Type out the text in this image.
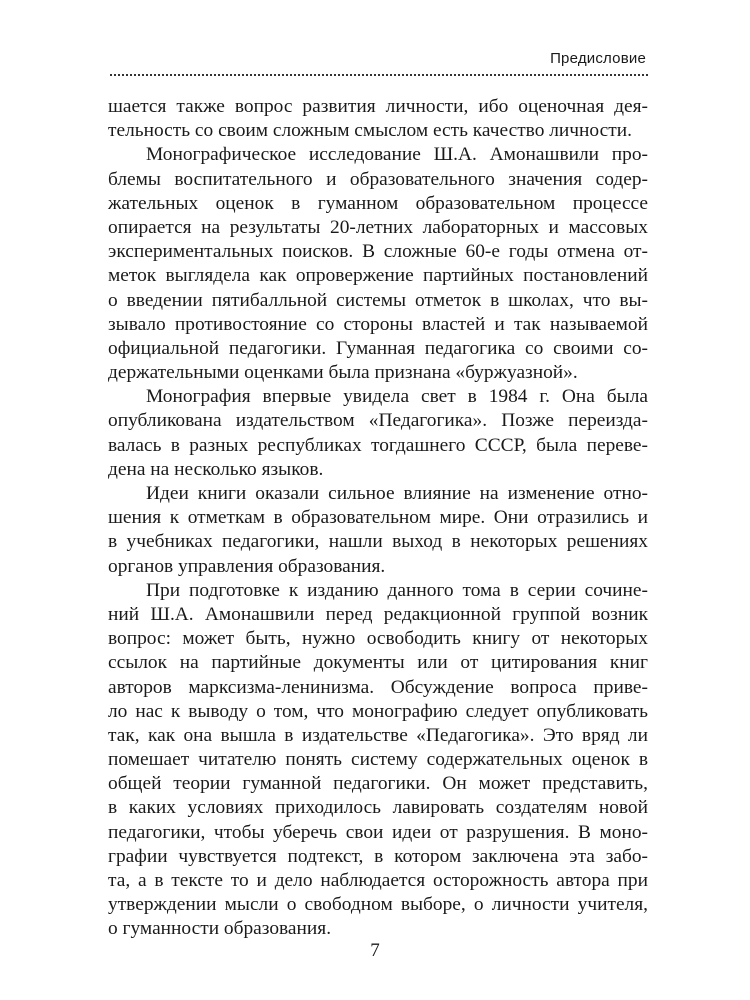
Предисловие
шается также вопрос развития личности, ибо оценочная дея-
тельность со своим сложным смыслом есть качество личности.
Монографическое исследование Ш.А. Амонашвили про-
блемы воспитательного и образовательного значения содер-
жательных оценок в гуманном образовательном процессе
опирается на результаты 20-летних лабораторных и массовых
экспериментальных поисков. В сложные 60-е годы отмена от-
меток выглядела как опровержение партийных постановлений
о введении пятибалльной системы отметок в школах, что вы-
зывало противостояние со стороны властей и так называемой
официальной педагогики. Гуманная педагогика со своими со-
держательными оценками была признана «буржуазной».
Монография впервые увидела свет в 1984 г. Она была
опубликована издательством «Педагогика». Позже переизда-
валась в разных республиках тогдашнего СССР, была переве-
дена на несколько языков.
Идеи книги оказали сильное влияние на изменение отно-
шения к отметкам в образовательном мире. Они отразились и
в учебниках педагогики, нашли выход в некоторых решениях
органов управления образования.
При подготовке к изданию данного тома в серии сочине-
ний Ш.А. Амонашвили перед редакционной группой возник
вопрос: может быть, нужно освободить книгу от некоторых
ссылок на партийные документы или от цитирования книг
авторов марксизма-ленинизма. Обсуждение вопроса приве-
ло нас к выводу о том, что монографию следует опубликовать
так, как она вышла в издательстве «Педагогика». Это вряд ли
помешает читателю понять систему содержательных оценок в
общей теории гуманной педагогики. Он может представить,
в каких условиях приходилось лавировать создателям новой
педагогики, чтобы уберечь свои идеи от разрушения. В моно-
графии чувствуется подтекст, в котором заключена эта забо-
та, а в тексте то и дело наблюдается осторожность автора при
утверждении мысли о свободном выборе, о личности учителя,
о гуманности образования.
7
